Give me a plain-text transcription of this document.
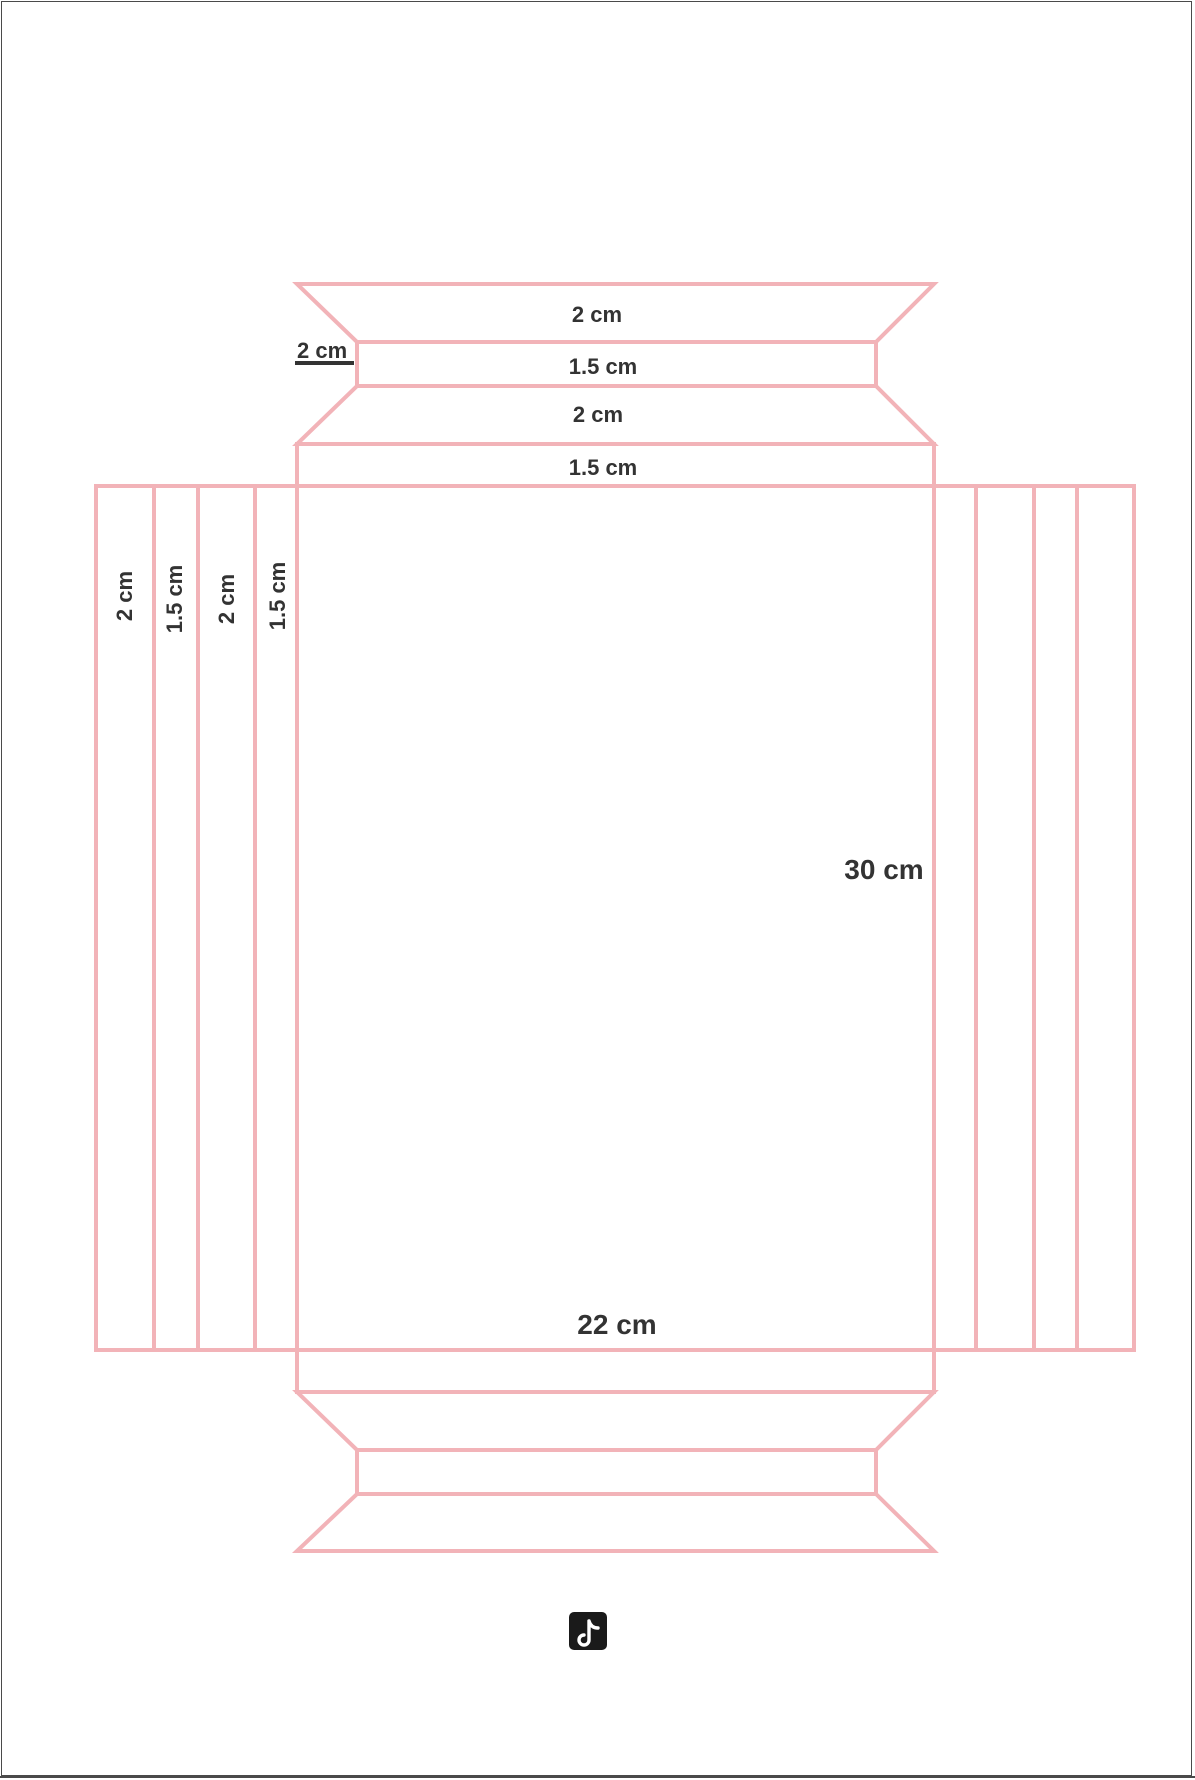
2 cm
1.5 cm
2 cm
1.5 cm
2 cm
2 cm 1.5 cm 2 cm 1.5 cm
30 cm
22 cm
